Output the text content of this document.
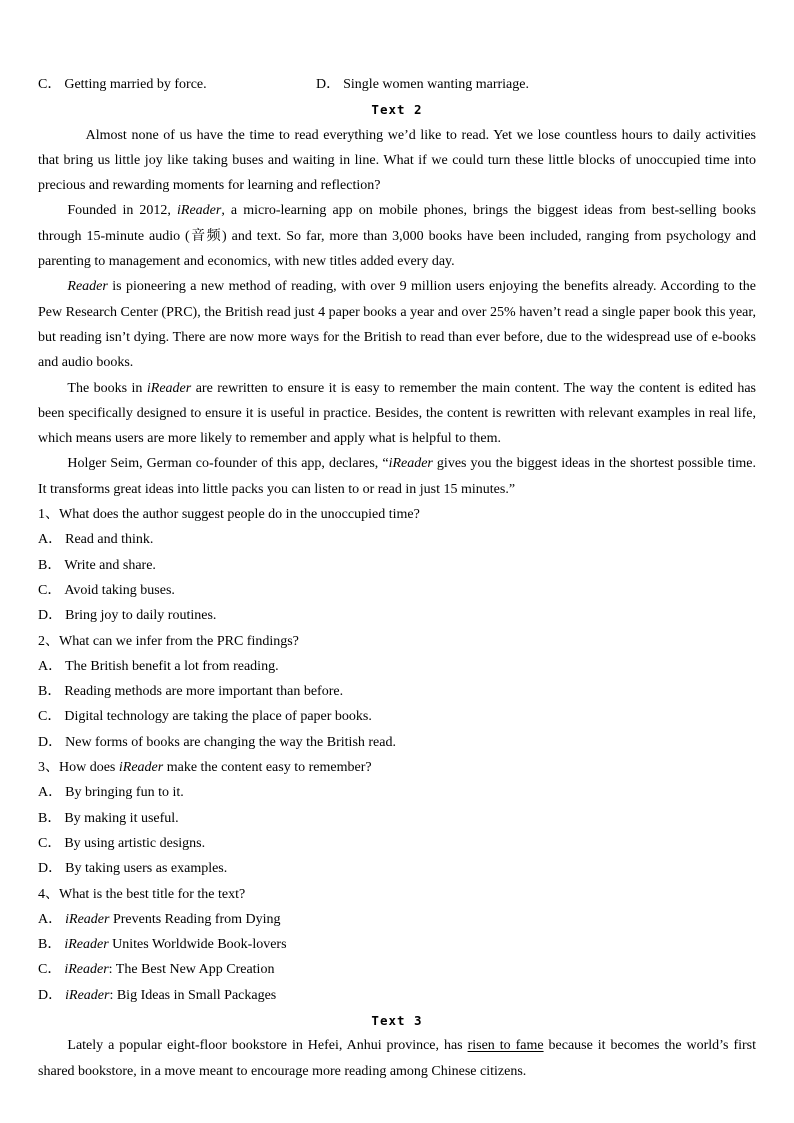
C． Getting married by force.	D． Single women wanting marriage.
Text 2

Almost none of us have the time to read everything we’d like to read. Yet we lose countless hours to daily activities that bring us little joy like taking buses and waiting in line. What if we could turn these little blocks of unoccupied time into precious and rewarding moments for learning and reflection?

Founded in 2012, iReader, a micro-learning app on mobile phones, brings the biggest ideas from best-selling books through 15-minute audio (音频) and text. So far, more than 3,000 books have been included, ranging from psychology and parenting to management and economics, with new titles added every day.

Reader is pioneering a new method of reading, with over 9 million users enjoying the benefits already. According to the Pew Research Center (PRC), the British read just 4 paper books a year and over 25% haven’t read a single paper book this year, but reading isn’t dying. There are now more ways for the British to read than ever before, due to the widespread use of e-books and audio books.

The books in iReader are rewritten to ensure it is easy to remember the main content. The way the content is edited has been specifically designed to ensure it is useful in practice. Besides, the content is rewritten with relevant examples in real life, which means users are more likely to remember and apply what is helpful to them.

Holger Seim, German co-founder of this app, declares, “iReader gives you the biggest ideas in the shortest possible time. It transforms great ideas into little packs you can listen to or read in just 15 minutes.”

1、What does the author suggest people do in the unoccupied time?
A． Read and think.
B． Write and share.
C． Avoid taking buses.
D． Bring joy to daily routines.
2、What can we infer from the PRC findings?
A． The British benefit a lot from reading.
B． Reading methods are more important than before.
C． Digital technology are taking the place of paper books.
D． New forms of books are changing the way the British read.
3、How does iReader make the content easy to remember?
A． By bringing fun to it.
B． By making it useful.
C． By using artistic designs.
D． By taking users as examples.
4、What is the best title for the text?
A． iReader Prevents Reading from Dying
B． iReader Unites Worldwide Book-lovers
C． iReader: The Best New App Creation
D． iReader: Big Ideas in Small Packages
Text 3

Lately a popular eight-floor bookstore in Hefei, Anhui province, has risen to fame because it becomes the world’s first shared bookstore, in a move meant to encourage more reading among Chinese citizens.
